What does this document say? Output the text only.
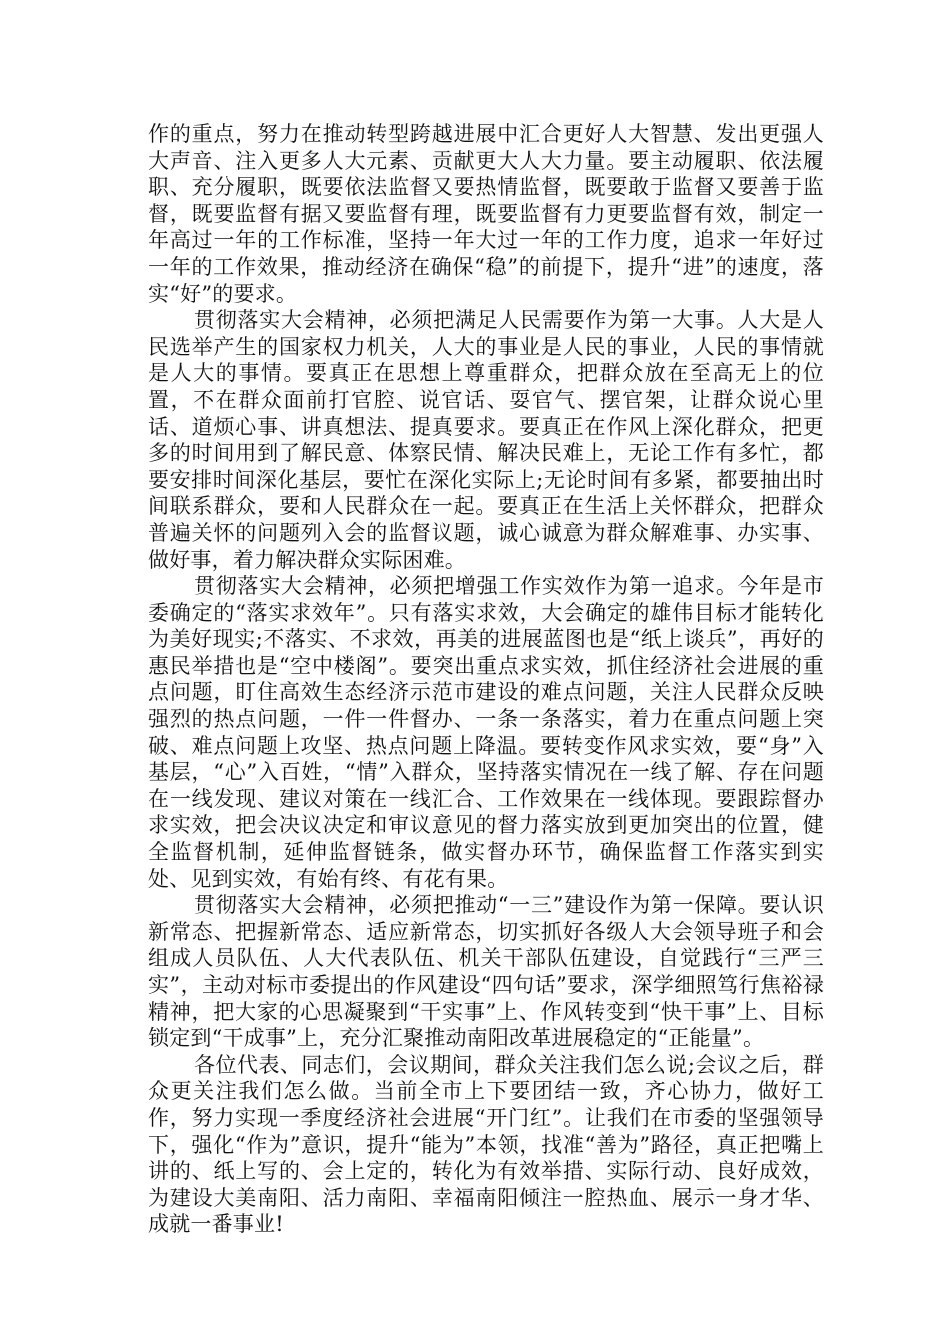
作的重点，努力在推动转型跨越进展中汇合更好人大智慧、发出更强人大声音、注入更多人大元素、贡献更大人大力量。要主动履职、依法履职、充分履职，既要依法监督又要热情监督，既要敢于监督又要善于监督，既要监督有据又要监督有理，既要监督有力更要监督有效，制定一年高过一年的工作标准，坚持一年大过一年的工作力度，追求一年好过一年的工作效果，推动经济在确保“稳”的前提下，提升“进”的速度，落实“好”的要求。

贯彻落实大会精神，必须把满足人民需要作为第一大事。人大是人民选举产生的国家权力机关，人大的事业是人民的事业，人民的事情就是人大的事情。要真正在思想上尊重群众，把群众放在至高无上的位置，不在群众面前打官腔、说官话、耍官气、摆官架，让群众说心里话、道烦心事、讲真想法、提真要求。要真正在作风上深化群众，把更多的时间用到了解民意、体察民情、解决民难上，无论工作有多忙，都要安排时间深化基层，要忙在深化实际上;无论时间有多紧，都要抽出时间联系群众，要和人民群众在一起。要真正在生活上关怀群众，把群众普遍关怀的问题列入会的监督议题，诚心诚意为群众解难事、办实事、做好事，着力解决群众实际困难。

贯彻落实大会精神，必须把增强工作实效作为第一追求。今年是市委确定的“落实求效年”。只有落实求效，大会确定的雄伟目标才能转化为美好现实;不落实、不求效，再美的进展蓝图也是“纸上谈兵”，再好的惠民举措也是“空中楼阁”。要突出重点求实效，抓住经济社会进展的重点问题，盯住高效生态经济示范市建设的难点问题，关注人民群众反映强烈的热点问题，一件一件督办、一条一条落实，着力在重点问题上突破、难点问题上攻坚、热点问题上降温。要转变作风求实效，要“身”入基层，“心”入百姓，“情”入群众，坚持落实情况在一线了解、存在问题在一线发现、建议对策在一线汇合、工作效果在一线体现。要跟踪督办求实效，把会决议决定和审议意见的督力落实放到更加突出的位置，健全监督机制，延伸监督链条，做实督办环节，确保监督工作落实到实处、见到实效，有始有终、有花有果。

贯彻落实大会精神，必须把推动“一三”建设作为第一保障。要认识新常态、把握新常态、适应新常态，切实抓好各级人大会领导班子和会组成人员队伍、人大代表队伍、机关干部队伍建设，自觉践行“三严三实”，主动对标市委提出的作风建设“四句话”要求，深学细照笃行焦裕禄精神，把大家的心思凝聚到“干实事”上、作风转变到“快干事”上、目标锁定到“干成事”上，充分汇聚推动南阳改革进展稳定的“正能量”。

各位代表、同志们，会议期间，群众关注我们怎么说;会议之后，群众更关注我们怎么做。当前全市上下要团结一致，齐心协力，做好工作，努力实现一季度经济社会进展“开门红”。让我们在市委的坚强领导下，强化“作为”意识，提升“能为”本领，找准“善为”路径，真正把嘴上讲的、纸上写的、会上定的，转化为有效举措、实际行动、良好成效，为建设大美南阳、活力南阳、幸福南阳倾注一腔热血、展示一身才华、成就一番事业!
